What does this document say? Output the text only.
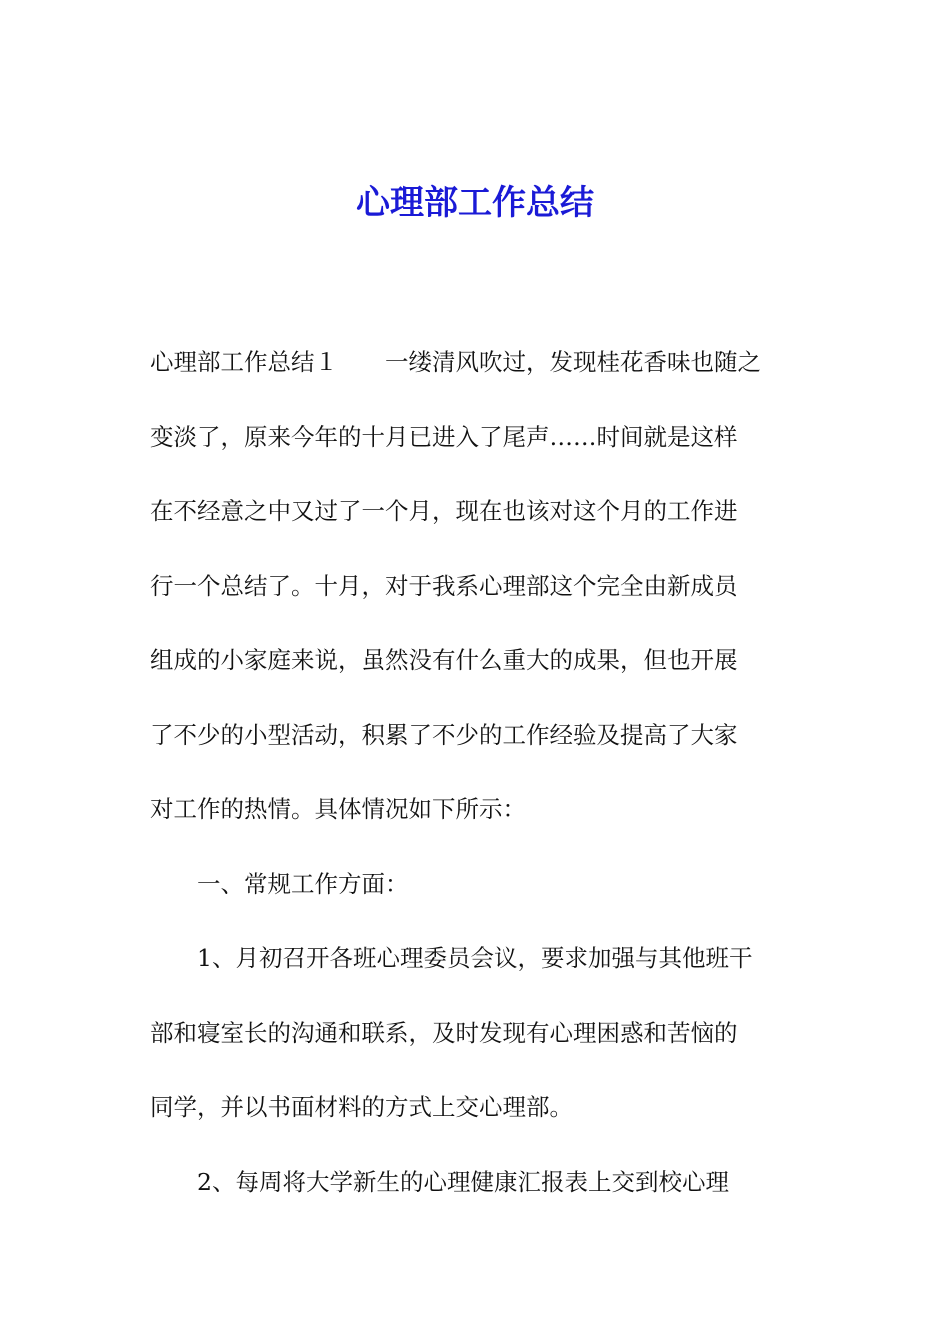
心理部工作总结

心理部工作总结１　　一缕清风吹过，发现桂花香味也随之

变淡了，原来今年的十月已进入了尾声……时间就是这样

在不经意之中又过了一个月，现在也该对这个月的工作进

行一个总结了。十月，对于我系心理部这个完全由新成员

组成的小家庭来说，虽然没有什么重大的成果，但也开展

了不少的小型活动，积累了不少的工作经验及提高了大家

对工作的热情。具体情况如下所示：

一、常规工作方面：

1、月初召开各班心理委员会议，要求加强与其他班干

部和寝室长的沟通和联系，及时发现有心理困惑和苦恼的

同学，并以书面材料的方式上交心理部。

2、每周将大学新生的心理健康汇报表上交到校心理
